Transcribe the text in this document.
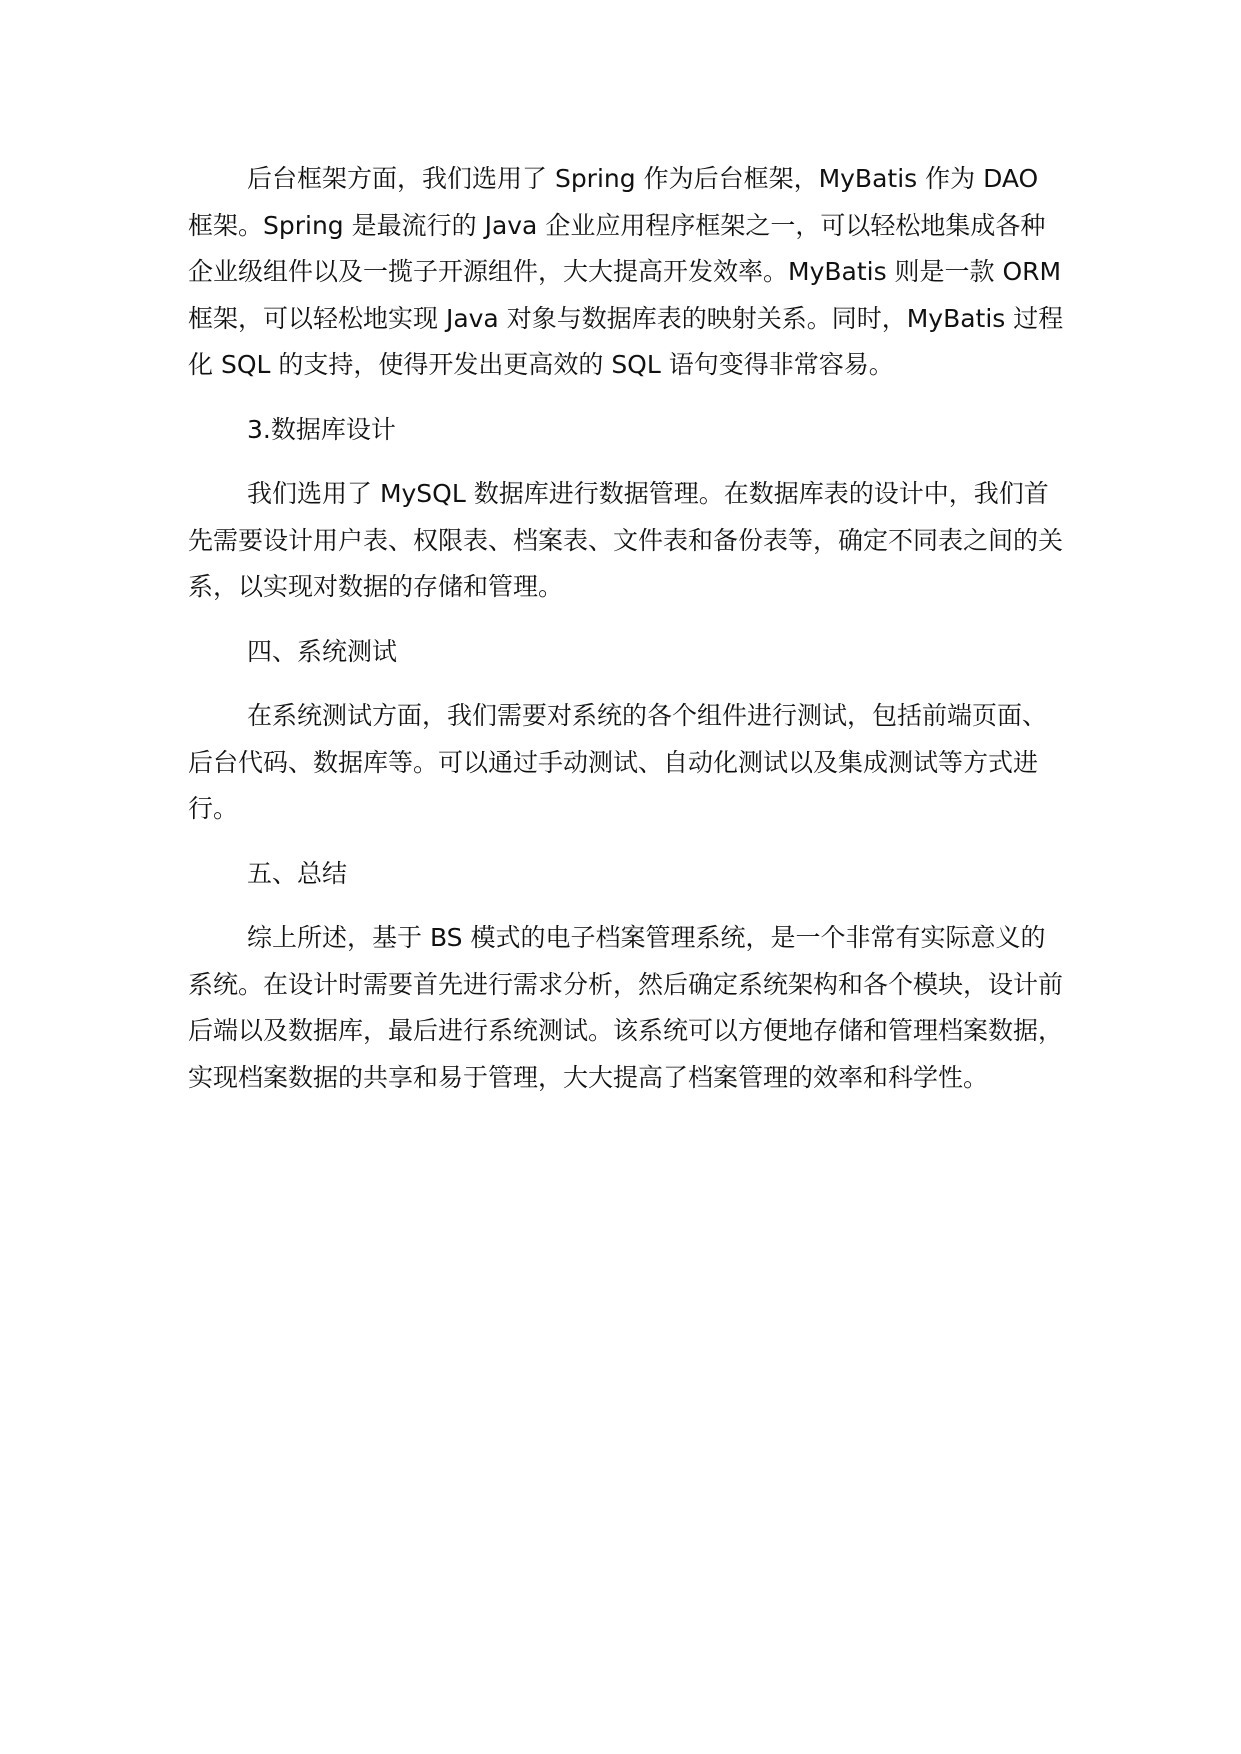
后台框架方面，我们选用了 Spring 作为后台框架，MyBatis 作为 DAO 框架。Spring 是最流行的 Java 企业应用程序框架之一，可以轻松地集成各种企业级组件以及一揽子开源组件，大大提高开发效率。MyBatis 则是一款 ORM 框架，可以轻松地实现 Java 对象与数据库表的映射关系。同时，MyBatis 过程化 SQL 的支持，使得开发出更高效的 SQL 语句变得非常容易。

3.数据库设计

我们选用了 MySQL 数据库进行数据管理。在数据库表的设计中，我们首先需要设计用户表、权限表、档案表、文件表和备份表等，确定不同表之间的关系，以实现对数据的存储和管理。

四、系统测试

在系统测试方面，我们需要对系统的各个组件进行测试，包括前端页面、后台代码、数据库等。可以通过手动测试、自动化测试以及集成测试等方式进行。

五、总结

综上所述，基于 BS 模式的电子档案管理系统，是一个非常有实际意义的系统。在设计时需要首先进行需求分析，然后确定系统架构和各个模块，设计前后端以及数据库，最后进行系统测试。该系统可以方便地存储和管理档案数据，实现档案数据的共享和易于管理，大大提高了档案管理的效率和科学性。
